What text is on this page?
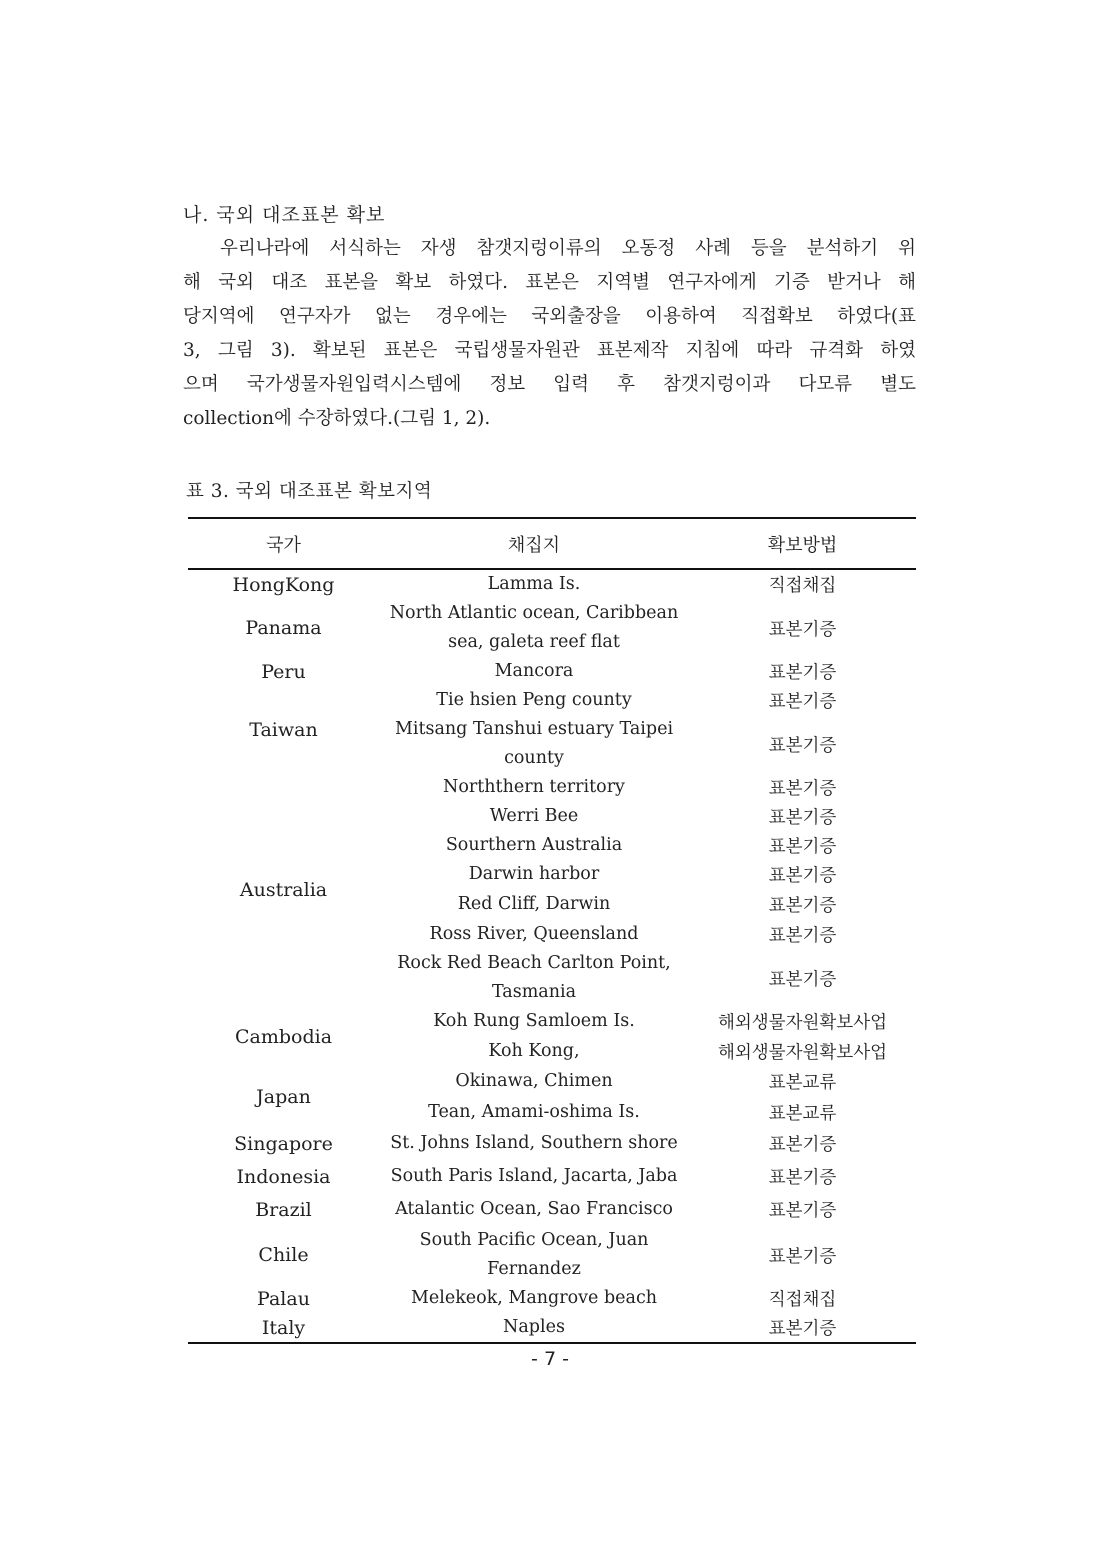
나. 국외 대조표본 확보
우리나라에 서식하는 자생 참갯지렁이류의 오동정 사례 등을 분석하기 위
해 국외 대조 표본을 확보 하였다. 표본은 지역별 연구자에게 기증 받거나 해
당지역에 연구자가 없는 경우에는 국외출장을 이용하여 직접확보 하였다(표
3, 그림 3). 확보된 표본은 국립생물자원관 표본제작 지침에 따라 규격화 하였
으며 국가생물자원입력시스템에 정보 입력 후 참갯지렁이과 다모류 별도
collection에 수장하였다.(그림 1, 2).
표 3. 국외 대조표본 확보지역
국가	채집지	확보방법
HongKong	Lamma Is.	직접채집
Panama	North Atlantic ocean, Caribbean sea, galeta reef flat	표본기증
Peru	Mancora	표본기증
Taiwan	Tie hsien Peng county	표본기증
	Mitsang Tanshui estuary Taipei county	표본기증
Australia	Norththern territory	표본기증
	Werri Bee	표본기증
	Sourthern Australia	표본기증
	Darwin harbor	표본기증
	Red Cliff, Darwin	표본기증
	Ross River, Queensland	표본기증
	Rock Red Beach Carlton Point, Tasmania	표본기증
Cambodia	Koh Rung Samloem Is.	해외생물자원확보사업
	Koh Kong,	해외생물자원확보사업
Japan	Okinawa, Chimen	표본교류
	Tean, Amami-oshima Is.	표본교류
Singapore	St. Johns Island, Southern shore	표본기증
Indonesia	South Paris Island, Jacarta, Jaba	표본기증
Brazil	Atalantic Ocean, Sao Francisco	표본기증
Chile	South Pacific Ocean, Juan Fernandez	표본기증
Palau	Melekeok, Mangrove beach	직접채집
Italy	Naples	표본기증
- 7 -
